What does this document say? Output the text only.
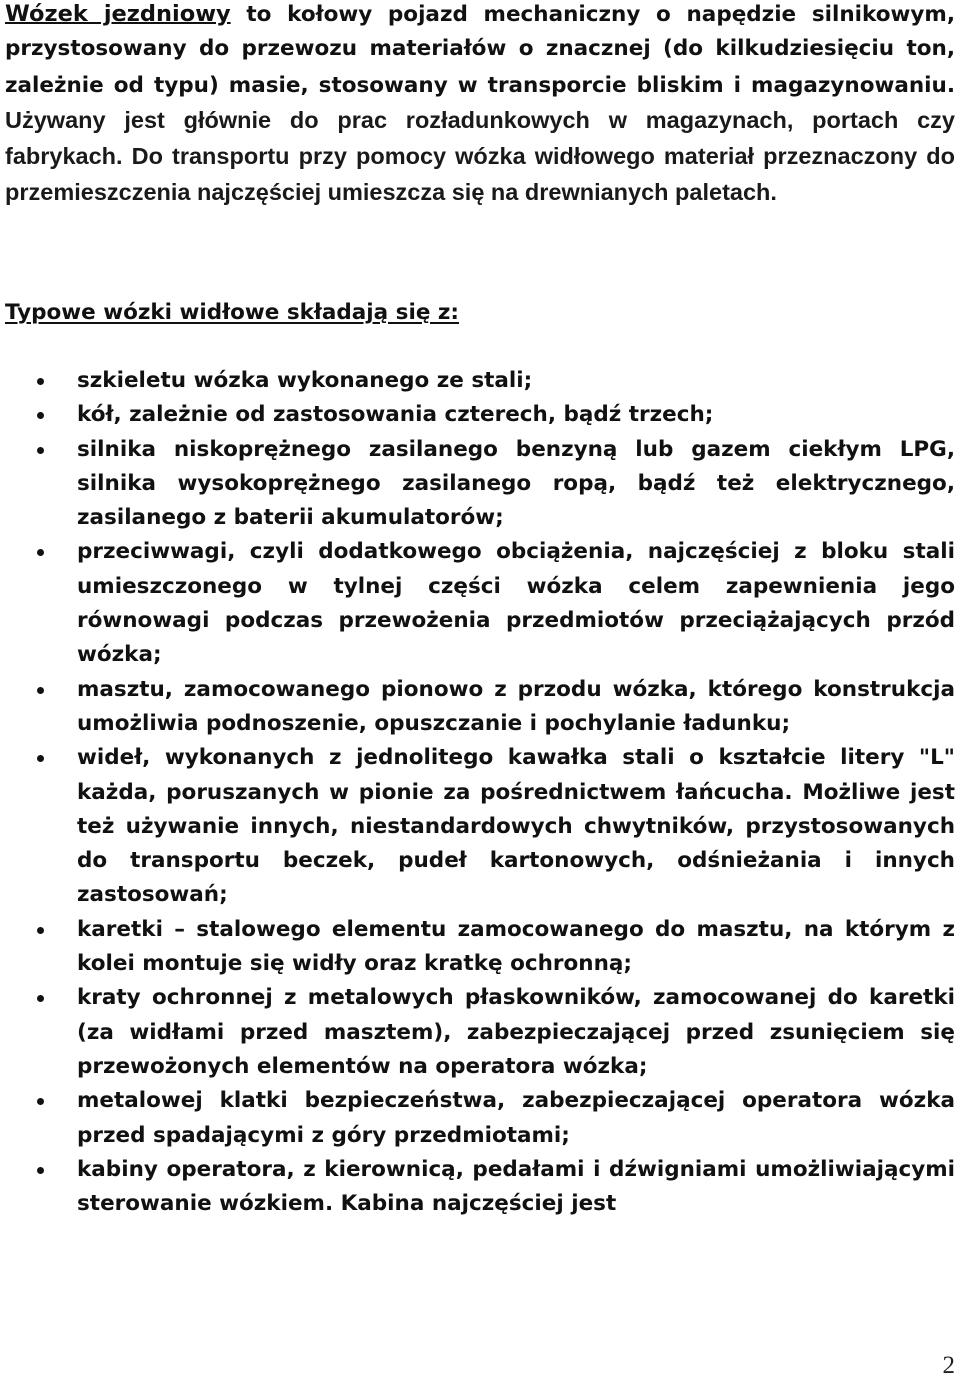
Wózek jezdniowy to kołowy pojazd mechaniczny o napędzie silnikowym, przystosowany do przewozu materiałów o znacznej (do kilkudziesięciu ton, zależnie od typu) masie, stosowany w transporcie bliskim i magazynowaniu. Używany jest głównie do prac rozładunkowych w magazynach, portach czy fabrykach. Do transportu przy pomocy wózka widłowego materiał przeznaczony do przemieszczenia najczęściej umieszcza się na drewnianych paletach.

Typowe wózki widłowe składają się z:
szkieletu wózka wykonanego ze stali;
kół, zależnie od zastosowania czterech, bądź trzech;
silnika niskoprężnego zasilanego benzyną lub gazem ciekłym LPG, silnika wysokoprężnego zasilanego ropą, bądź też elektrycznego, zasilanego z baterii akumulatorów;
przeciwwagi, czyli dodatkowego obciążenia, najczęściej z bloku stali umieszczonego w tylnej części wózka celem zapewnienia jego równowagi podczas przewożenia przedmiotów przeciążających przód wózka;
masztu, zamocowanego pionowo z przodu wózka, którego konstrukcja umożliwia podnoszenie, opuszczanie i pochylanie ładunku;
wideł, wykonanych z jednolitego kawałka stali o kształcie litery "L" każda, poruszanych w pionie za pośrednictwem łańcucha. Możliwe jest też używanie innych, niestandardowych chwytników, przystosowanych do transportu beczek, pudeł kartonowych, odśnieżania i innych zastosowań;
karetki – stalowego elementu zamocowanego do masztu, na którym z kolei montuje się widły oraz kratkę ochronną;
kraty ochronnej z metalowych płaskowników, zamocowanej do karetki (za widłami przed masztem), zabezpieczającej przed zsunięciem się przewożonych elementów na operatora wózka;
metalowej klatki bezpieczeństwa, zabezpieczającej operatora wózka przed spadającymi z góry przedmiotami;
kabiny operatora, z kierownicą, pedałami i dźwigniami umożliwiającymi sterowanie wózkiem. Kabina najczęściej jest
2
